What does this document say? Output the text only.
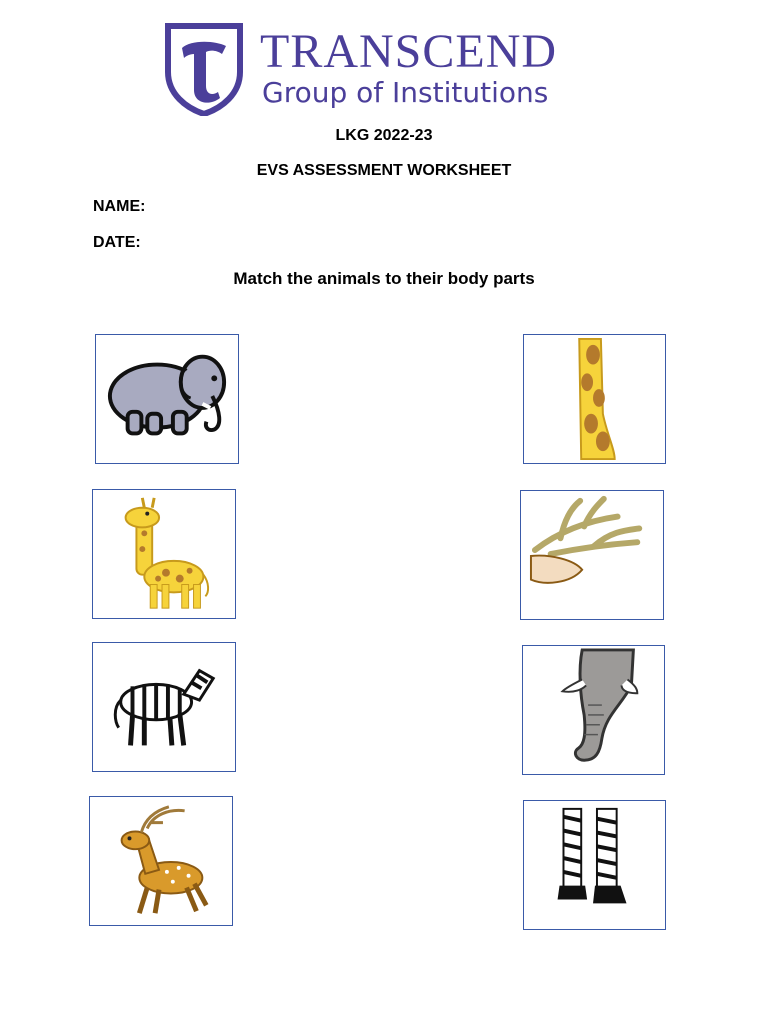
TRANSCEND
Group of Institutions
LKG 2022-23
EVS ASSESSMENT WORKSHEET
NAME:
DATE:
Match the animals to their body parts
